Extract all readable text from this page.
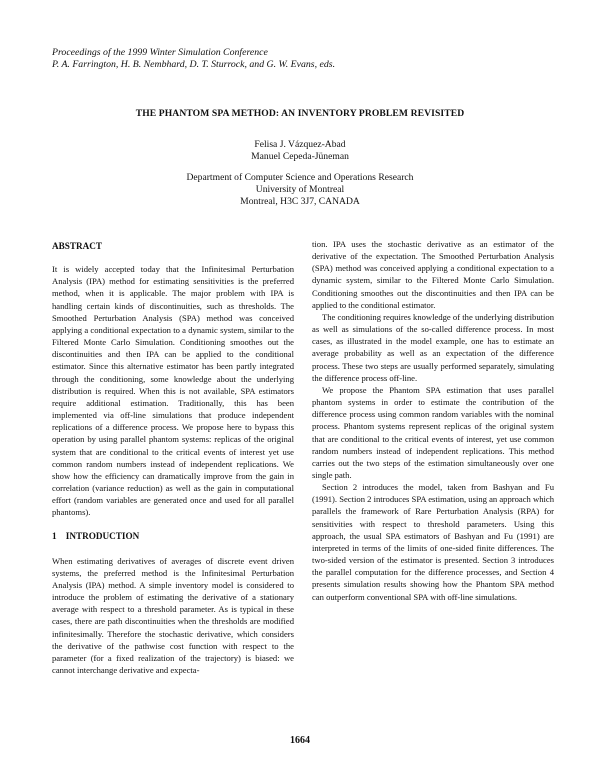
Proceedings of the 1999 Winter Simulation Conference
P. A. Farrington, H. B. Nembhard, D. T. Sturrock, and G. W. Evans, eds.
THE PHANTOM SPA METHOD: AN INVENTORY PROBLEM REVISITED
Felisa J. Vázquez-Abad
Manuel Cepeda-Jüneman
Department of Computer Science and Operations Research
University of Montreal
Montreal, H3C 3J7, CANADA
ABSTRACT

It is widely accepted today that the Infinitesimal Perturbation Analysis (IPA) method for estimating sensitivities is the preferred method, when it is applicable. The major problem with IPA is handling certain kinds of discontinuities, such as thresholds. The Smoothed Perturbation Analysis (SPA) method was conceived applying a conditional expectation to a dynamic system, similar to the Filtered Monte Carlo Simulation. Conditioning smoothes out the discontinuities and then IPA can be applied to the conditional estimator. Since this alternative estimator has been partly integrated through the conditioning, some knowledge about the underlying distribution is required. When this is not available, SPA estimators require additional estimation. Traditionally, this has been implemented via off-line simulations that produce independent replications of a difference process. We propose here to bypass this operation by using parallel phantom systems: replicas of the original system that are conditional to the critical events of interest yet use common random numbers instead of independent replications. We show how the efficiency can dramatically improve from the gain in correlation (variance reduction) as well as the gain in computational effort (random variables are generated once and used for all parallel phantoms).

1    INTRODUCTION

When estimating derivatives of averages of discrete event driven systems, the preferred method is the Infinitesimal Perturbation Analysis (IPA) method. A simple inventory model is considered to introduce the problem of estimating the derivative of a stationary average with respect to a threshold parameter. As is typical in these cases, there are path discontinuities when the thresholds are modified infinitesimally. Therefore the stochastic derivative, which considers the derivative of the pathwise cost function with respect to the parameter (for a fixed realization of the trajectory) is biased: we cannot interchange derivative and expecta-

tion. IPA uses the stochastic derivative as an estimator of the derivative of the expectation. The Smoothed Perturbation Analysis (SPA) method was conceived applying a conditional expectation to a dynamic system, similar to the Filtered Monte Carlo Simulation. Conditioning smoothes out the discontinuities and then IPA can be applied to the conditional estimator.

The conditioning requires knowledge of the underlying distribution as well as simulations of the so-called difference process. In most cases, as illustrated in the model example, one has to estimate an average probability as well as an expectation of the difference process. These two steps are usually performed separately, simulating the difference process off-line.

We propose the Phantom SPA estimation that uses parallel phantom systems in order to estimate the contribution of the difference process using common random variables with the nominal process. Phantom systems represent replicas of the original system that are conditional to the critical events of interest, yet use common random numbers instead of independent replications. This method carries out the two steps of the estimation simultaneously over one single path.

Section 2 introduces the model, taken from Bashyan and Fu (1991). Section 2 introduces SPA estimation, using an approach which parallels the framework of Rare Perturbation Analysis (RPA) for sensitivities with respect to threshold parameters. Using this approach, the usual SPA estimators of Bashyan and Fu (1991) are interpreted in terms of the limits of one-sided finite differences. The two-sided version of the estimator is presented. Section 3 introduces the parallel computation for the difference processes, and Section 4 presents simulation results showing how the Phantom SPA method can outperform conventional SPA with off-line simulations.

1664
